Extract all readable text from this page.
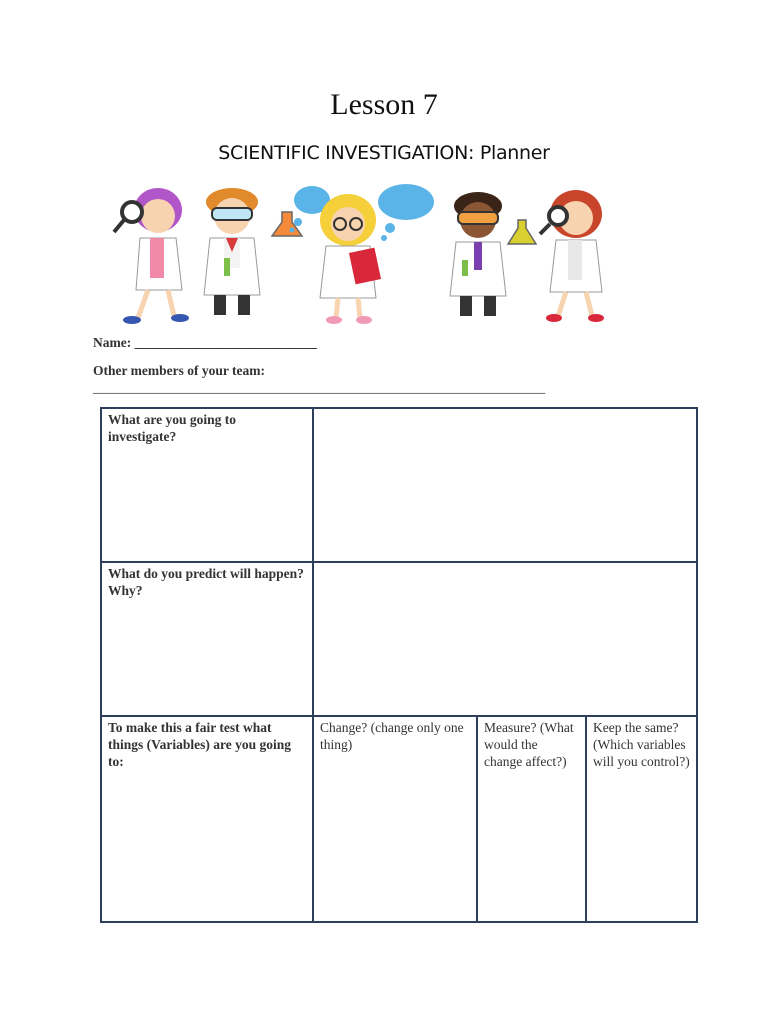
Lesson 7
SCIENTIFIC INVESTIGATION: Planner
Name: ___________________________
Other members of your team:
___________________________________________________________________
What are you going to investigate?			
What do you predict will happen? Why?			
To make this a fair test what things (Variables) are you going to:	Change? (change only one thing)	Measure? (What would the change affect?)	Keep the same? (Which variables will you control?)
